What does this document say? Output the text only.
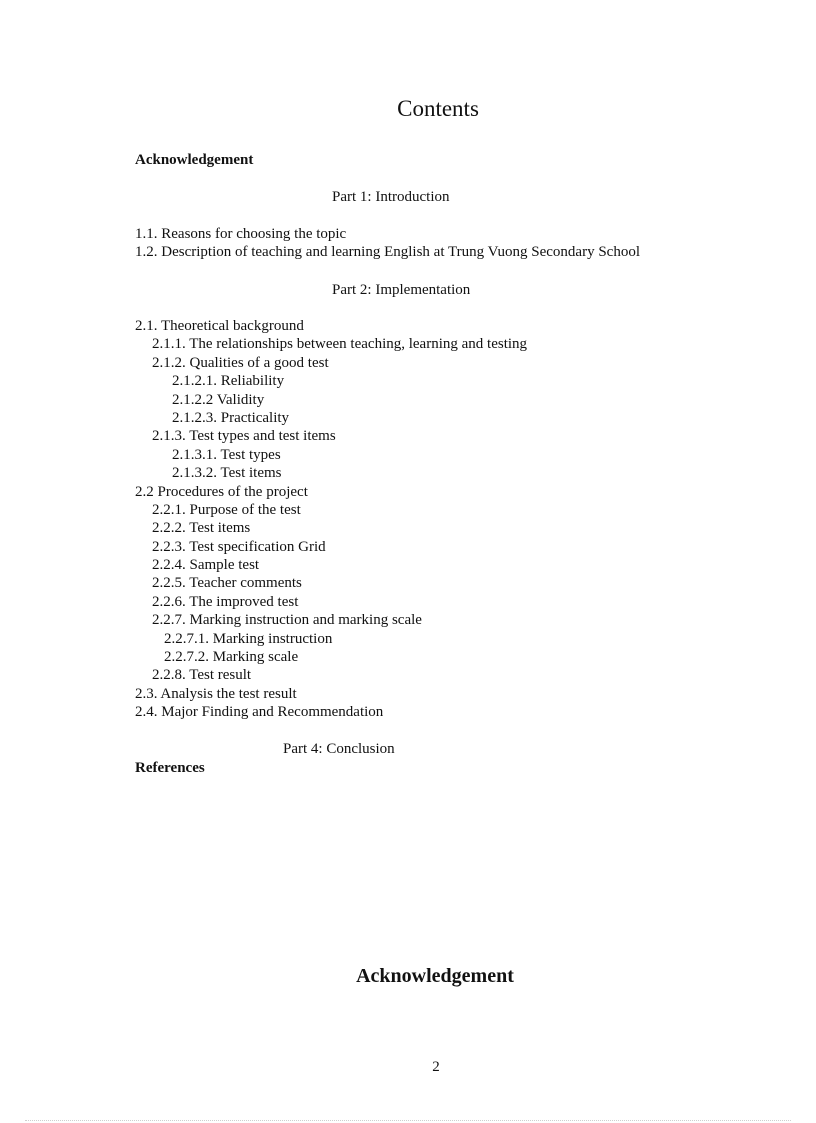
Contents
Acknowledgement
Part 1: Introduction
1.1. Reasons for choosing the topic
1.2. Description of teaching and learning English at Trung Vuong Secondary School
Part 2: Implementation
2.1. Theoretical background
2.1.1. The relationships between teaching, learning and testing
2.1.2. Qualities of a good test
2.1.2.1. Reliability
2.1.2.2 Validity
2.1.2.3. Practicality
2.1.3. Test types and test items
2.1.3.1. Test types
2.1.3.2. Test items
2.2 Procedures of the project
2.2.1. Purpose of the test
2.2.2. Test items
2.2.3. Test specification Grid
2.2.4. Sample test
2.2.5. Teacher comments
2.2.6. The improved test
2.2.7. Marking instruction and marking scale
2.2.7.1. Marking instruction
2.2.7.2. Marking scale
2.2.8. Test result
2.3. Analysis the test result
2.4. Major Finding and Recommendation
Part 4: Conclusion
References
Acknowledgement
2
